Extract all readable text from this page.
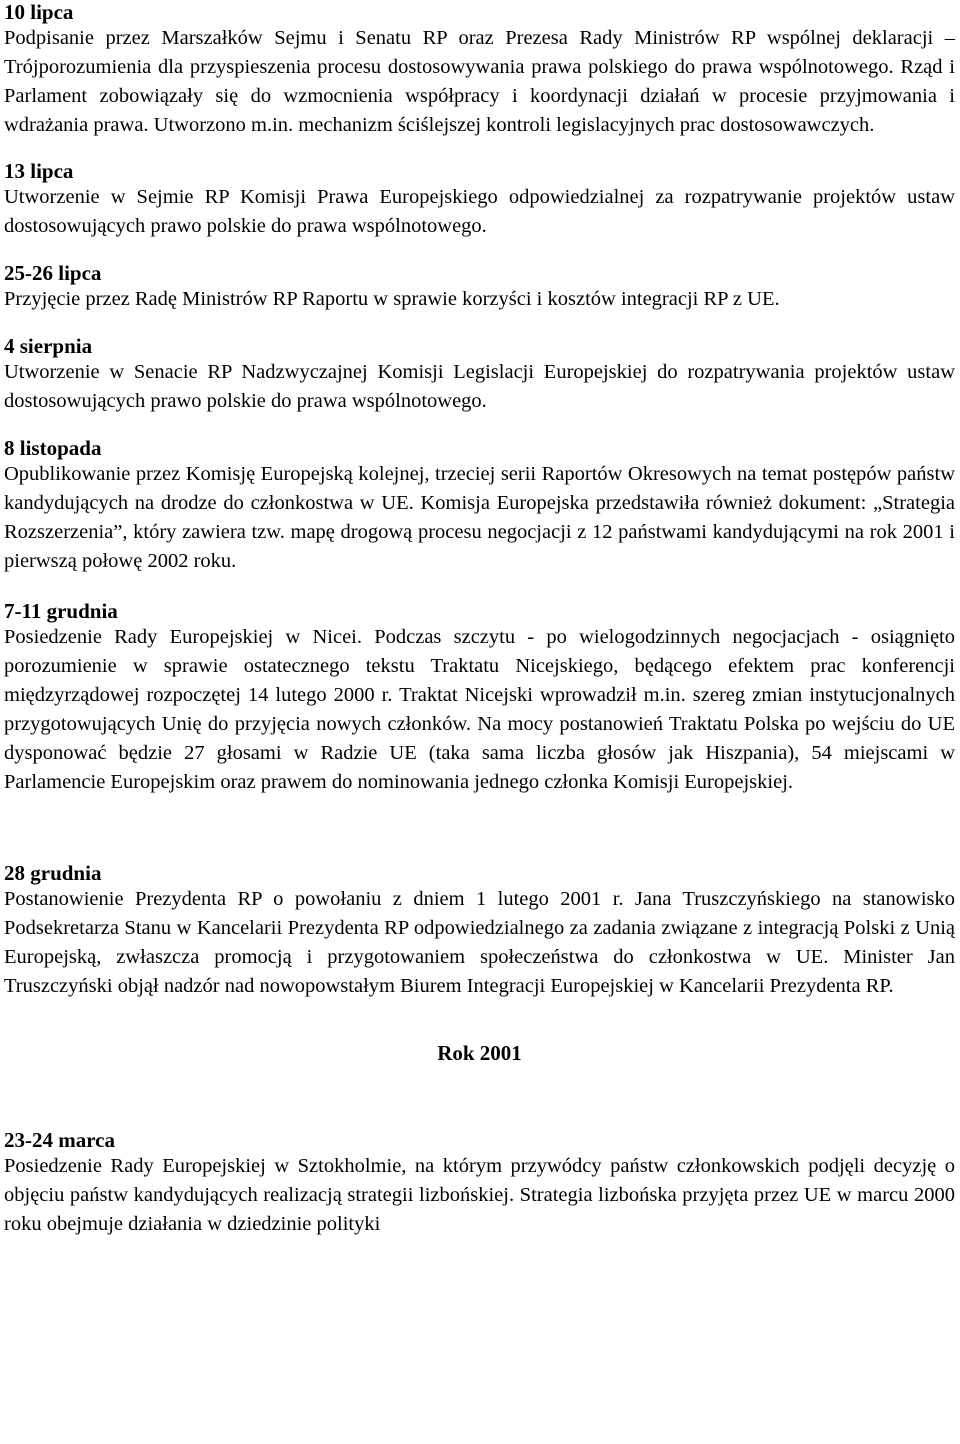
10 lipca

Podpisanie przez Marszałków Sejmu i Senatu RP oraz Prezesa Rady Ministrów RP wspólnej deklaracji – Trójporozumienia dla przyspieszenia procesu dostosowywania prawa polskiego do prawa wspólnotowego. Rząd i Parlament zobowiązały się do wzmocnienia współpracy i koordynacji działań w procesie przyjmowania i wdrażania prawa. Utworzono m.in. mechanizm ściślejszej kontroli legislacyjnych prac dostosowawczych.

13 lipca

Utworzenie w Sejmie RP Komisji Prawa Europejskiego odpowiedzialnej za rozpatrywanie projektów ustaw dostosowujących prawo polskie do prawa wspólnotowego.

25-26 lipca

Przyjęcie przez Radę Ministrów RP Raportu w sprawie korzyści i kosztów integracji RP z UE.

4 sierpnia

Utworzenie w Senacie RP Nadzwyczajnej Komisji Legislacji Europejskiej do rozpatrywania projektów ustaw dostosowujących prawo polskie do prawa wspólnotowego.

8 listopada

Opublikowanie przez Komisję Europejską kolejnej, trzeciej serii Raportów Okresowych na temat postępów państw kandydujących na drodze do członkostwa w UE. Komisja Europejska przedstawiła również dokument: „Strategia Rozszerzenia”, który zawiera tzw. mapę drogową procesu negocjacji z 12 państwami kandydującymi na rok 2001 i pierwszą połowę 2002 roku.

7-11 grudnia

Posiedzenie Rady Europejskiej w Nicei. Podczas szczytu - po wielogodzinnych negocjacjach - osiągnięto porozumienie w sprawie ostatecznego tekstu Traktatu Nicejskiego, będącego efektem prac konferencji międzyrządowej rozpoczętej 14 lutego 2000 r. Traktat Nicejski wprowadził m.in. szereg zmian instytucjonalnych przygotowujących Unię do przyjęcia nowych członków. Na mocy postanowień Traktatu Polska po wejściu do UE dysponować będzie 27 głosami w Radzie UE (taka sama liczba głosów jak Hiszpania), 54 miejscami w Parlamencie Europejskim oraz prawem do nominowania jednego członka Komisji Europejskiej.

28 grudnia

Postanowienie Prezydenta RP o powołaniu z dniem 1 lutego 2001 r. Jana Truszczyńskiego na stanowisko Podsekretarza Stanu w Kancelarii Prezydenta RP odpowiedzialnego za zadania związane z integracją Polski z Unią Europejską, zwłaszcza promocją i przygotowaniem społeczeństwa do członkostwa w UE. Minister Jan Truszczyński objął nadzór nad nowopowstałym Biurem Integracji Europejskiej w Kancelarii Prezydenta RP.

Rok 2001

23-24 marca

Posiedzenie Rady Europejskiej w Sztokholmie, na którym przywódcy państw członkowskich podjęli decyzję o objęciu państw kandydujących realizacją strategii lizbońskiej. Strategia lizbońska przyjęta przez UE w marcu 2000 roku obejmuje działania w dziedzinie polityki
